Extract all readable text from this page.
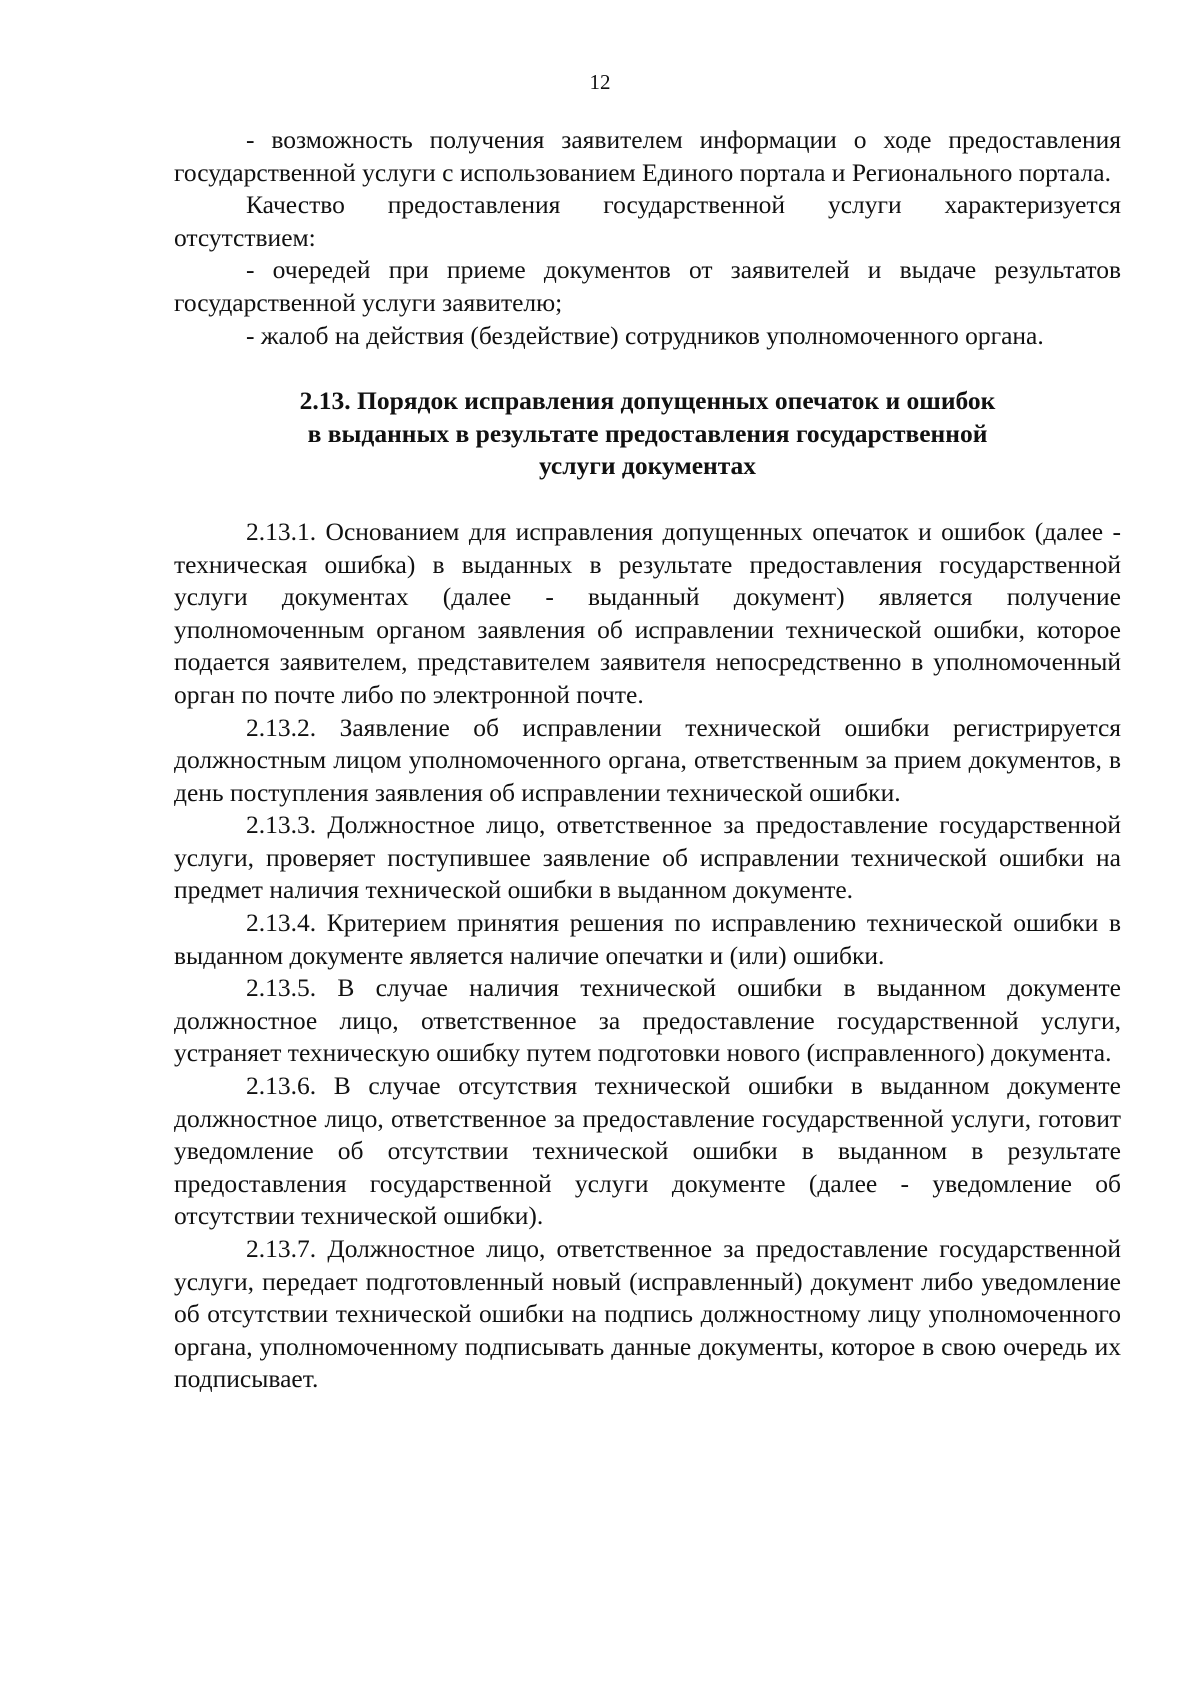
12

- возможность получения заявителем информации о ходе предоставления государственной услуги с использованием Единого портала и Регионального портала.

Качество предоставления государственной услуги характеризуется отсутствием:

- очередей при приеме документов от заявителей и выдаче результатов государственной услуги заявителю;

- жалоб на действия (бездействие) сотрудников уполномоченного органа.

2.13. Порядок исправления допущенных опечаток и ошибок
в выданных в результате предоставления государственной
услуги документах

2.13.1. Основанием для исправления допущенных опечаток и ошибок (далее - техническая ошибка) в выданных в результате предоставления государственной услуги документах (далее - выданный документ) является получение уполномоченным органом заявления об исправлении технической ошибки, которое подается заявителем, представителем заявителя непосредственно в уполномоченный орган по почте либо по электронной почте.

2.13.2. Заявление об исправлении технической ошибки регистрируется должностным лицом уполномоченного органа, ответственным за прием документов, в день поступления заявления об исправлении технической ошибки.

2.13.3. Должностное лицо, ответственное за предоставление государственной услуги, проверяет поступившее заявление об исправлении технической ошибки на предмет наличия технической ошибки в выданном документе.

2.13.4. Критерием принятия решения по исправлению технической ошибки в выданном документе является наличие опечатки и (или) ошибки.

2.13.5. В случае наличия технической ошибки в выданном документе должностное лицо, ответственное за предоставление государственной услуги, устраняет техническую ошибку путем подготовки нового (исправленного) документа.

2.13.6. В случае отсутствия технической ошибки в выданном документе должностное лицо, ответственное за предоставление государственной услуги, готовит уведомление об отсутствии технической ошибки в выданном в результате предоставления государственной услуги документе (далее - уведомление об отсутствии технической ошибки).

2.13.7. Должностное лицо, ответственное за предоставление государственной услуги, передает подготовленный новый (исправленный) документ либо уведомление об отсутствии технической ошибки на подпись должностному лицу уполномоченного органа, уполномоченному подписывать данные документы, которое в свою очередь их подписывает.
